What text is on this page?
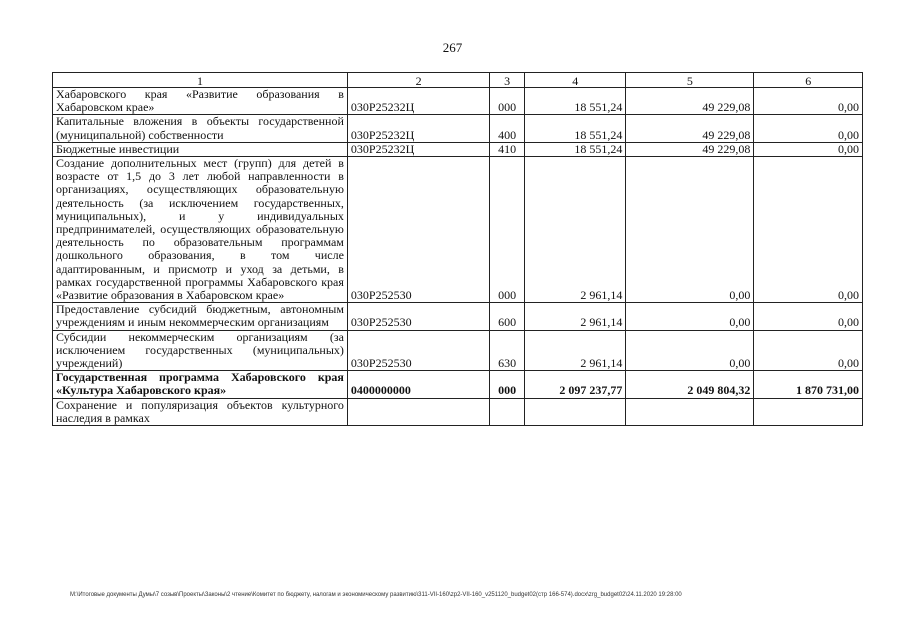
267
1	2	3	4	5	6
Хабаровского края «Развитие образования в Хабаровском крае»	030P25232Ц	000	18 551,24	49 229,08	0,00
Капитальные вложения в объекты государственной (муниципальной) собственности	030P25232Ц	400	18 551,24	49 229,08	0,00
Бюджетные инвестиции	030P25232Ц	410	18 551,24	49 229,08	0,00
Создание дополнительных мест (групп) для детей в возрасте от 1,5 до 3 лет любой направленности в организациях, осуществляющих образовательную деятельность (за исключением государственных, муниципальных), и у индивидуальных предпринимателей, осуществляющих образовательную деятельность по образовательным программам дошкольного образования, в том числе адаптированным, и присмотр и уход за детьми, в рамках государственной программы Хабаровского края «Развитие образования в Хабаровском крае»	030P252530	000	2 961,14	0,00	0,00
Предоставление субсидий бюджетным, автономным учреждениям и иным некоммерческим организациям	030P252530	600	2 961,14	0,00	0,00
Субсидии некоммерческим организациям (за исключением государственных (муниципальных) учреждений)	030P252530	630	2 961,14	0,00	0,00
Государственная программа Хабаровского края «Культура Хабаровского края»	0400000000	000	2 097 237,77	2 049 804,32	1 870 731,00
Сохранение и популяризация объектов культурного наследия в рамках					
M:\Итоговые документы Думы\7 созыв\Проекты\Законы\2 чтение\Комитет по бюджету, налогам и экономическому развитию\311-VII-160\zp2-VII-160_v251120_budget02(стр 166-574).docx\zrg_budget02\24.11.2020 19:28:00
